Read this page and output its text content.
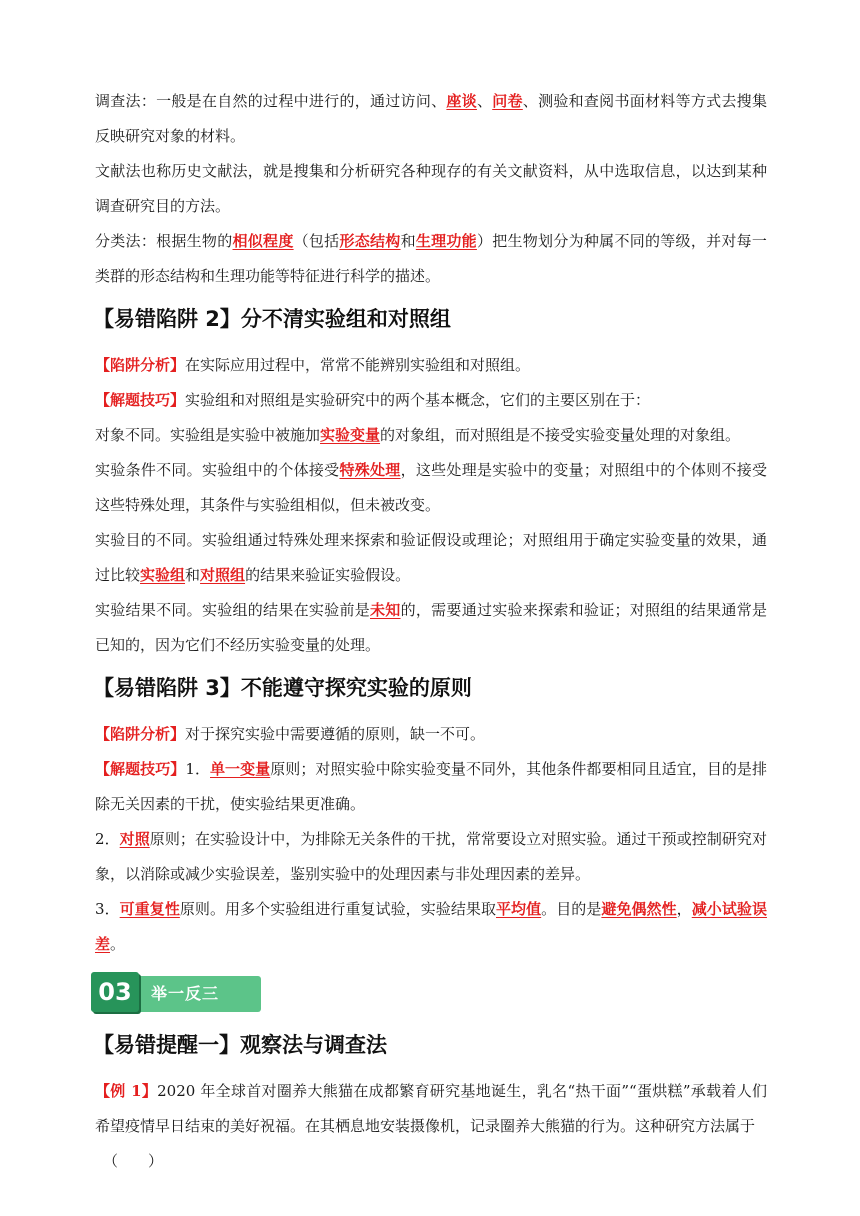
调查法：一般是在自然的过程中进行的，通过访问、座谈、问卷、测验和查阅书面材料等方式去搜集反映研究对象的材料。

文献法也称历史文献法，就是搜集和分析研究各种现存的有关文献资料，从中选取信息，以达到某种调查研究目的方法。

分类法：根据生物的相似程度（包括形态结构和生理功能）把生物划分为种属不同的等级，并对每一类群的形态结构和生理功能等特征进行科学的描述。

【易错陷阱 2】分不清实验组和对照组

【陷阱分析】在实际应用过程中，常常不能辨别实验组和对照组。

【解题技巧】实验组和对照组是实验研究中的两个基本概念，它们的主要区别在于：

对象不同。实验组是实验中被施加实验变量的对象组，而对照组是不接受实验变量处理的对象组。

实验条件不同。实验组中的个体接受特殊处理，这些处理是实验中的变量；对照组中的个体则不接受这些特殊处理，其条件与实验组相似，但未被改变。

实验目的不同。实验组通过特殊处理来探索和验证假设或理论；对照组用于确定实验变量的效果，通过比较实验组和对照组的结果来验证实验假设。

实验结果不同。实验组的结果在实验前是未知的，需要通过实验来探索和验证；对照组的结果通常是已知的，因为它们不经历实验变量的处理。

【易错陷阱 3】不能遵守探究实验的原则

【陷阱分析】对于探究实验中需要遵循的原则，缺一不可。

【解题技巧】1．单一变量原则；对照实验中除实验变量不同外，其他条件都要相同且适宜，目的是排除无关因素的干扰，使实验结果更准确。

2．对照原则；在实验设计中，为排除无关条件的干扰，常常要设立对照实验。通过干预或控制研究对象，以消除或减少实验误差，鉴别实验中的处理因素与非处理因素的差异。

3．可重复性原则。用多个实验组进行重复试验，实验结果取平均值。目的是避免偶然性，减小试验误差。

03	举一反三
【易错提醒一】观察法与调查法

【例 1】2020 年全球首对圈养大熊猫在成都繁育研究基地诞生，乳名“热干面”“蛋烘糕”承载着人们希望疫情早日结束的美好祝福。在其栖息地安装摄像机，记录圈养大熊猫的行为。这种研究方法属于

（　　）
